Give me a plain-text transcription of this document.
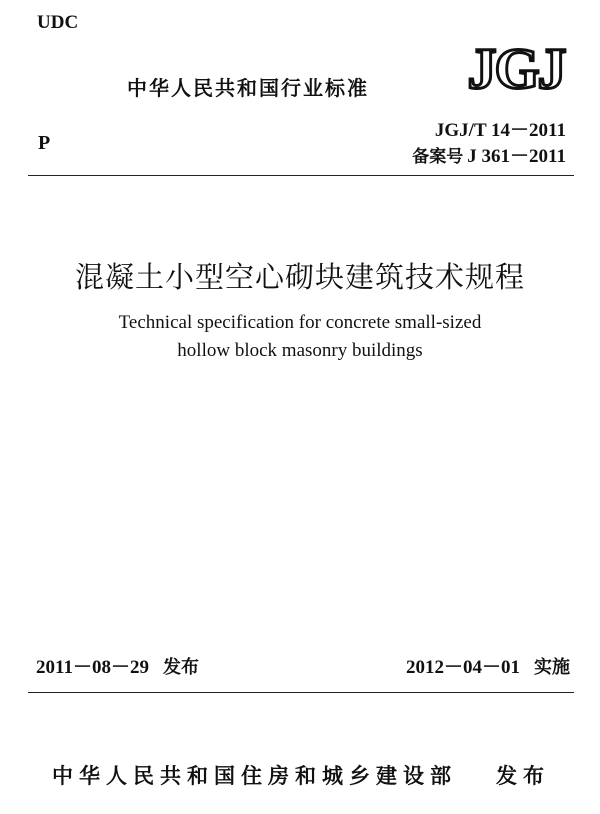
UDC
中华人民共和国行业标准 JGJ
P
JGJ/T 14－2011
备案号 J 361－2011
混凝土小型空心砌块建筑技术规程
Technical specification for concrete small-sized
hollow block masonry buildings
2011－08－29 发布	2012－04－01 实施
中华人民共和国住房和城乡建设部 发布
